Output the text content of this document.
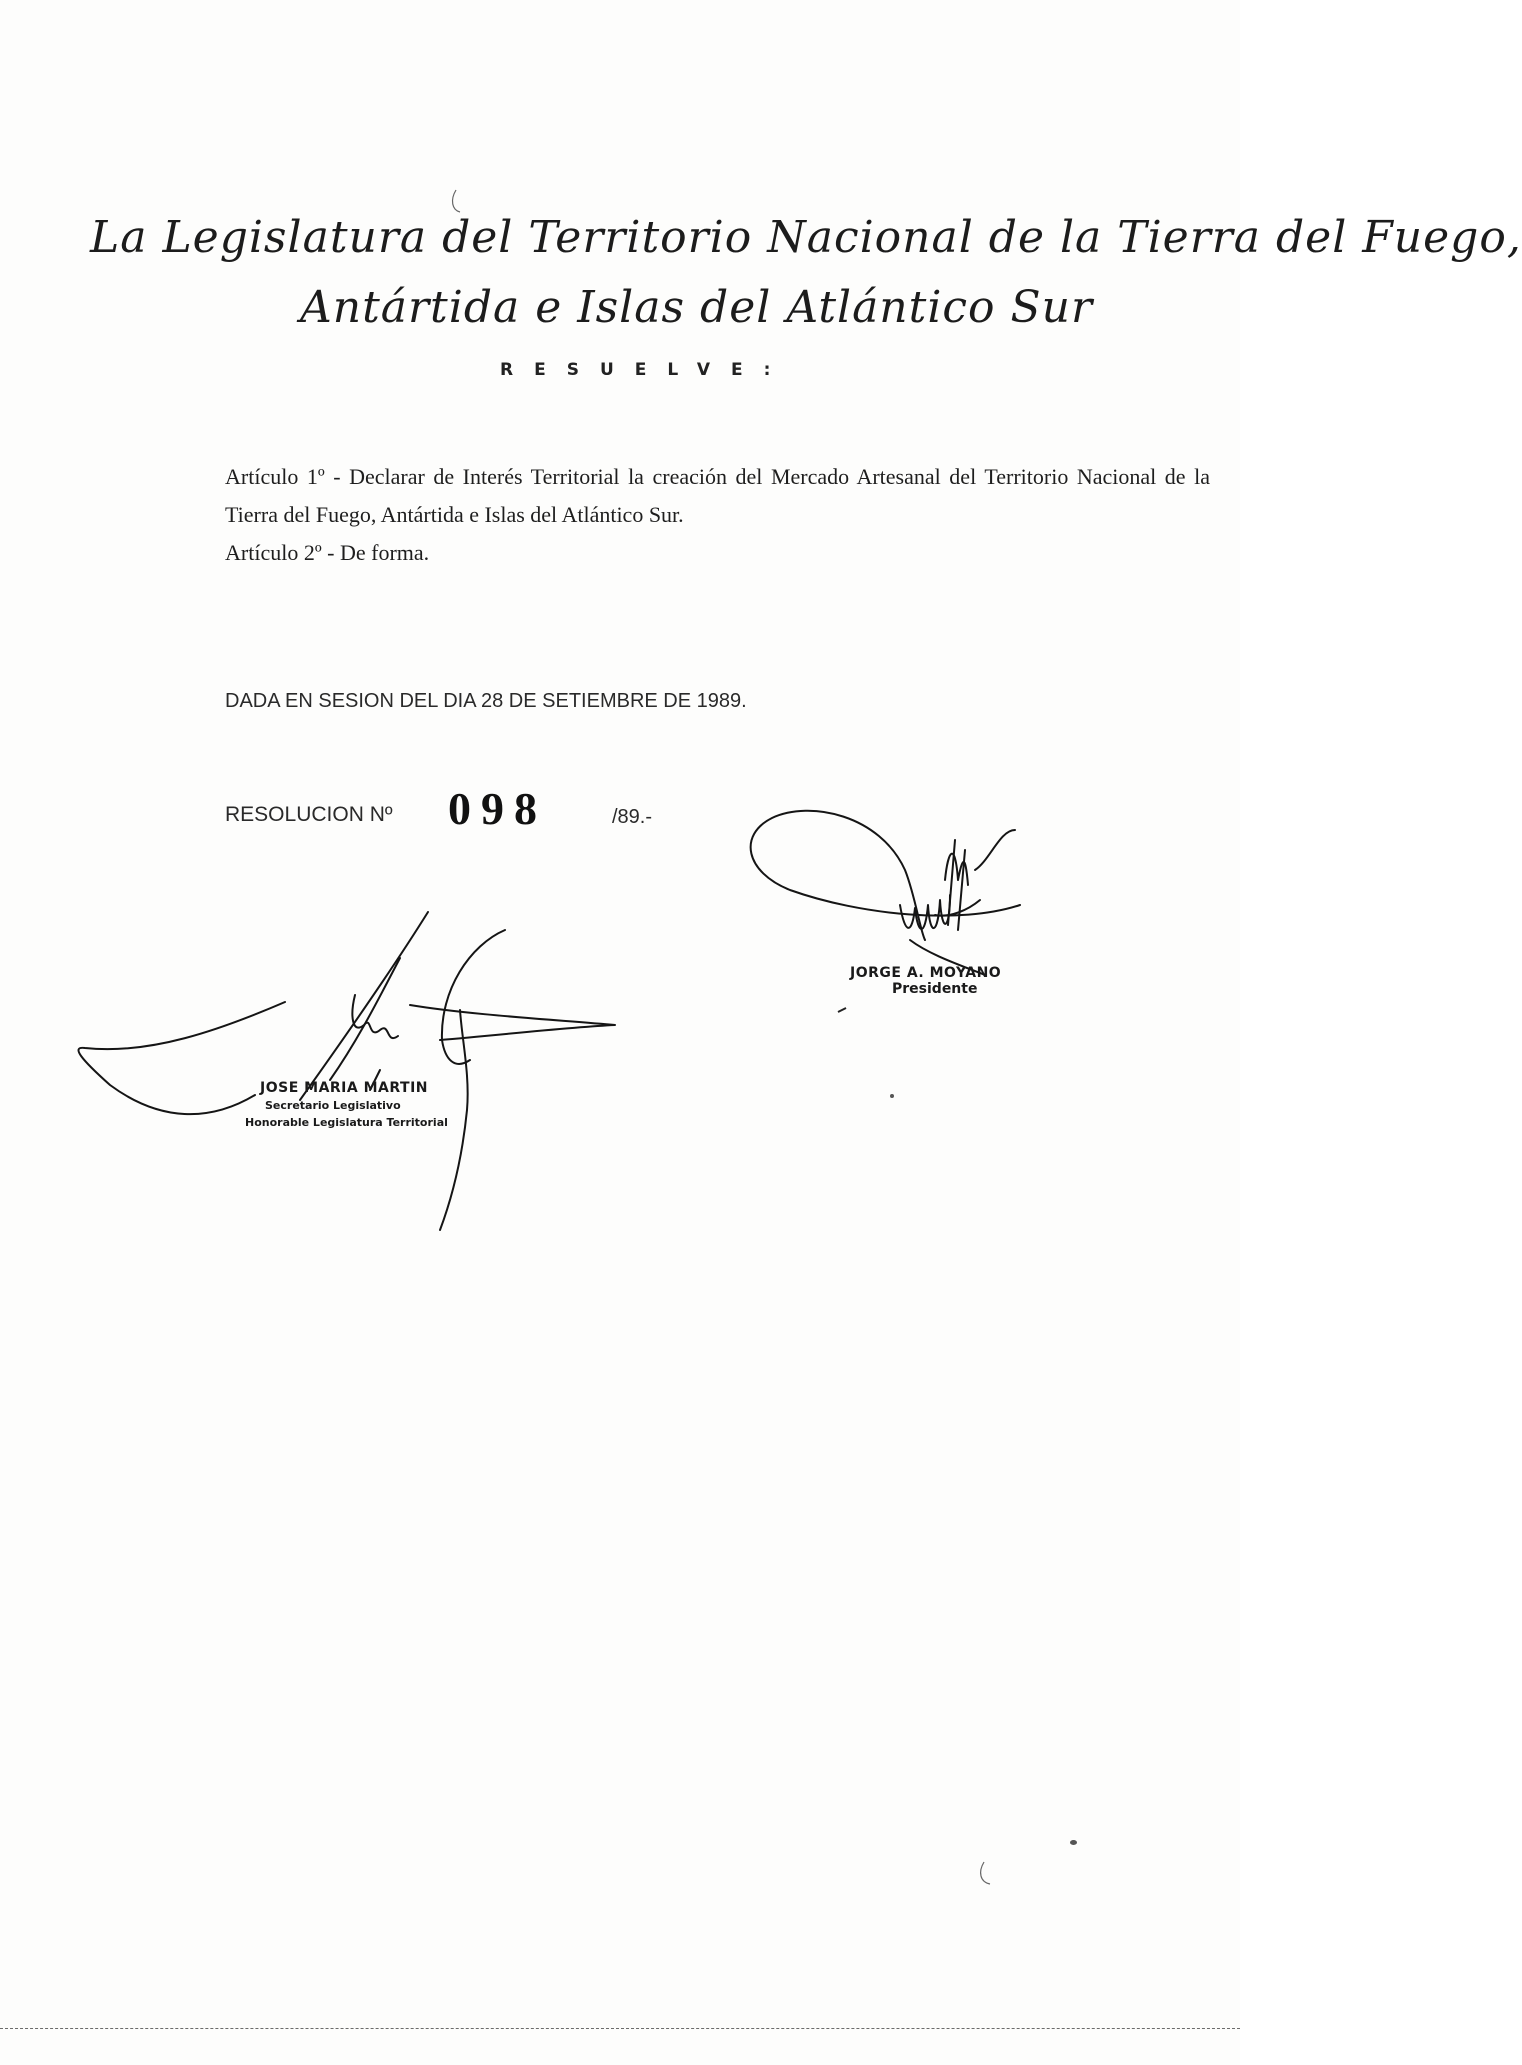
La Legislatura del Territorio Nacional de la Tierra del Fuego,
Antártida e Islas del Atlántico Sur
RESUELVE:

Artículo 1º - Declarar de Interés Territorial la creación del Mercado Artesanal del Territorio Nacional de la Tierra del Fuego, Antártida e Islas del Atlántico Sur.

Artículo 2º - De forma.

DADA EN SESION DEL DIA 28 DE SETIEMBRE DE 1989.
RESOLUCION Nº 098	/89.-
JORGE A. MOYANO
Presidente
JOSE MARIA MARTIN
Secretario Legislativo
Honorable Legislatura Territorial
